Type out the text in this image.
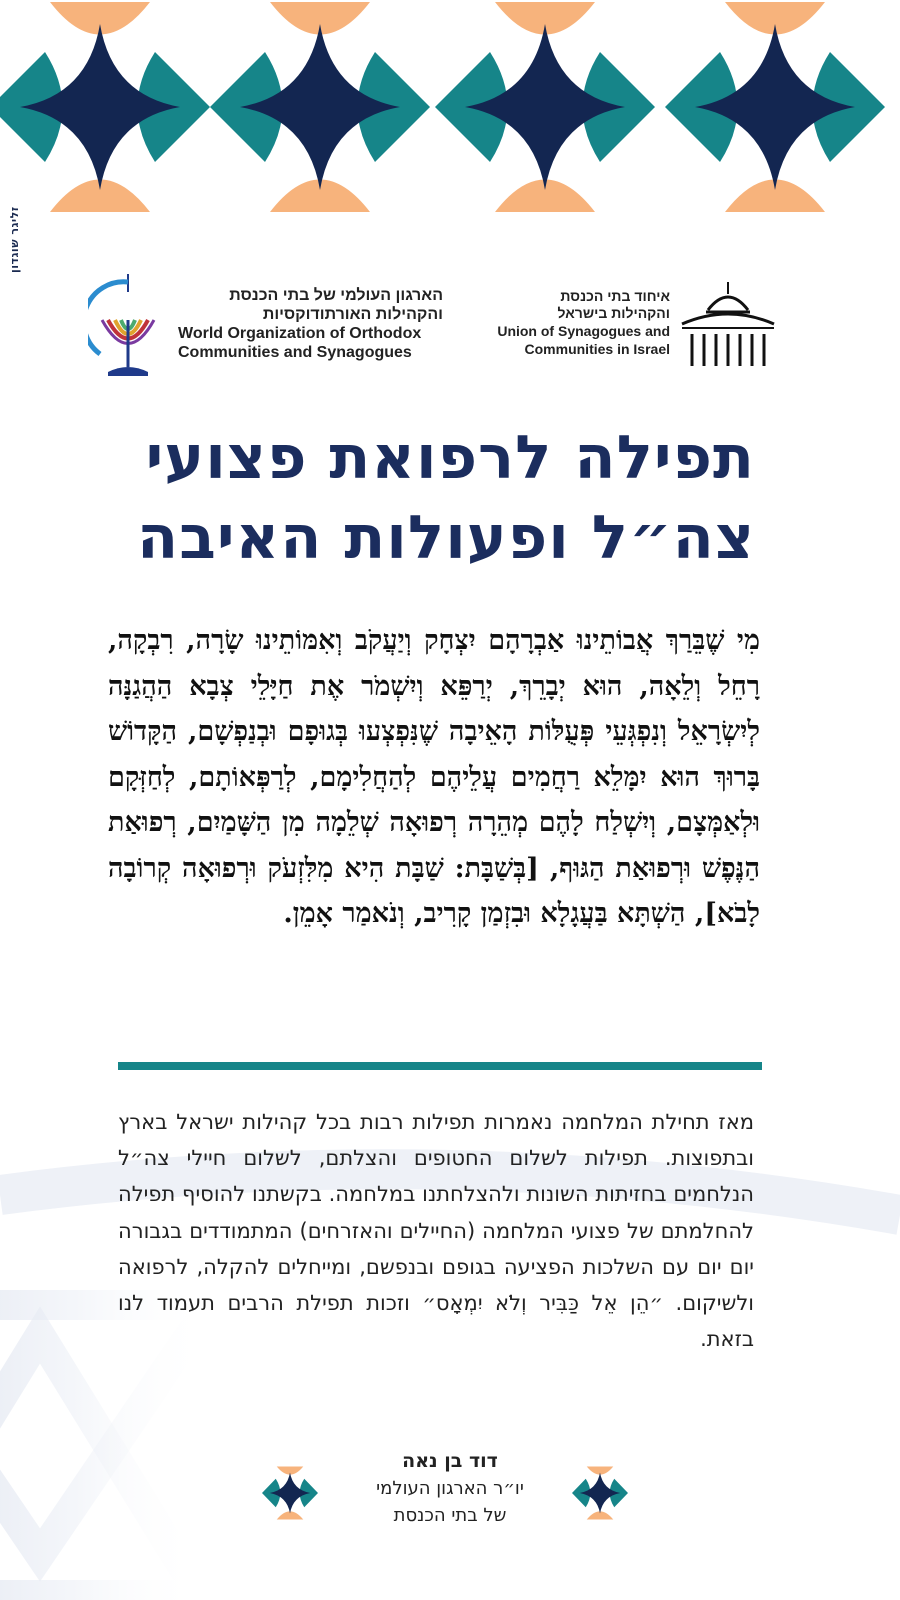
זליגר שוגדון
הארגון העולמי של בתי הכנסת
והקהילות האורתודוקסיות
World Organization of Orthodox
Communities and Synagogues
איחוד בתי הכנסת
והקהילות בישראל
Union of Synagogues and
Communities in Israel
תפילה לרפואת פצועי
צה״ל ופעולות האיבה
מִי שֶׁבֵּרַךְ אֲבוֹתֵינוּ אַבְרָהָם יִצְחָק וְיַעֲקֹב וְאִמּוֹתֵינוּ שָׂרָה, רִבְקָה, רָחֵל וְלֵאָה, הוּא יְבָרֵךְ, יְרַפֵּא וְיִשְׁמֹר אֶת חַיָּלֵי צְבָא הַהֲגַנָּה לְיִשְׂרָאֵל וְנִפְגְּעֵי פְּעֻלּוֹת הָאֵיבָה שֶׁנִּפְצְעוּ בְּגוּפָם וּבְנַפְשָׁם, הַקָּדוֹשׁ בָּרוּךְ הוּא יִמָּלֵא רַחֲמִים עֲלֵיהֶם לְהַחֲלִימָם, לְרַפְּאוֹתָם, לְחַזְּקָם וּלְאַמְּצָם, וְיִשְׁלַח לָהֶם מְהֵרָה רְפוּאָה שְׁלֵמָה מִן הַשָּׁמַיִם, רְפוּאַת הַנֶּפֶשׁ וּרְפוּאַת הַגּוּף, [בְּשַׁבָּת: שַׁבָּת הִיא מִלִּזְעֹק וּרְפוּאָה קְרוֹבָה לָבֹא], הַשְׁתָּא בַּעֲגָלָא וּבִזְמַן קָרִיב, וְנֹאמַר אָמֵן.
מאז תחילת המלחמה נאמרות תפילות רבות בכל קהילות ישראל בארץ ובתפוצות. תפילות לשלום החטופים והצלתם, לשלום חיילי צה״ל הנלחמים בחזיתות השונות ולהצלחתנו במלחמה. בקשתנו להוסיף תפילה להחלמתם של פצועי המלחמה (החיילים והאזרחים) המתמודדים בגבורה יום יום עם השלכות הפציעה בגופם ובנפשם, ומייחלים להקלה, לרפואה ולשיקום. ״הֵן אֵל כַּבִּיר וְלֹא יִמְאָס״ וזכות תפילת הרבים תעמוד לנו בזאת.
דוד בן נאה
יו״ר הארגון העולמי
של בתי הכנסת
